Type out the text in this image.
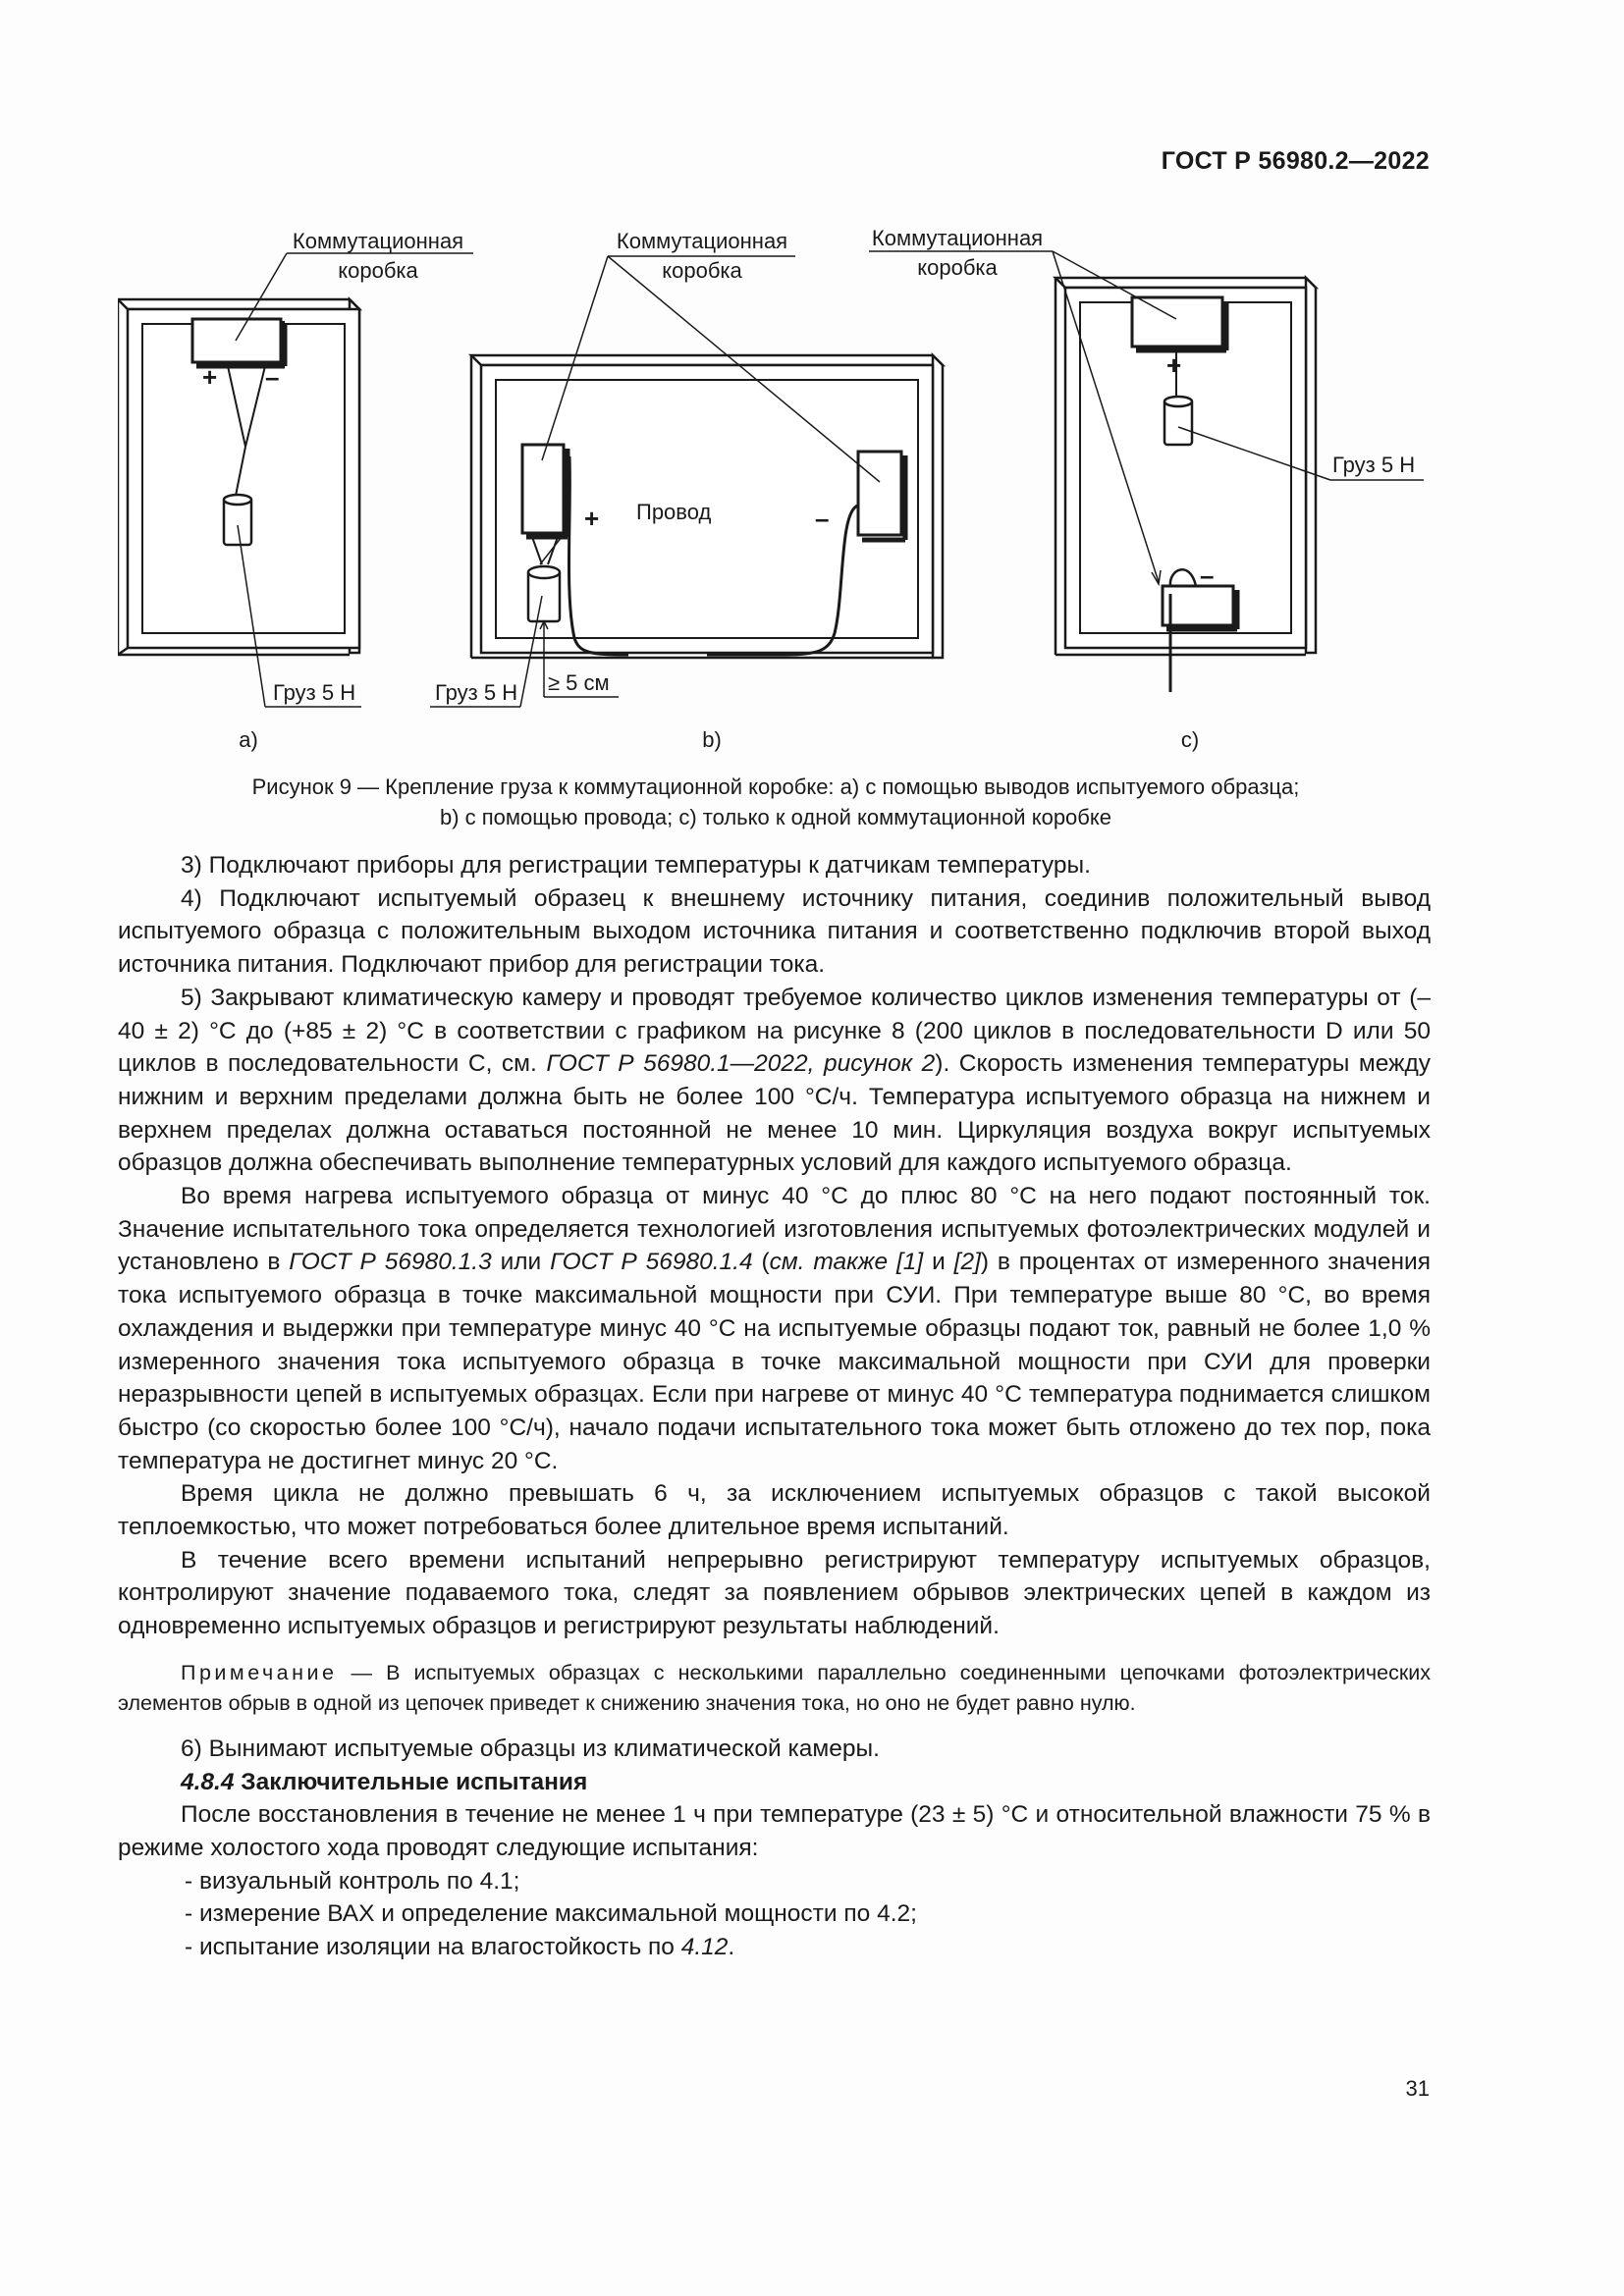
ГОСТ Р 56980.2—2022
Коммутационная
коробка
+ –
Груз 5 Н
a)
Коммутационная
коробка
+	–
Провод
Груз 5 Н ≥ 5 см
b)
Коммутационная
коробка
+
–
Груз 5 Н
c)
Рисунок 9 — Крепление груза к коммутационной коробке: a) с помощью выводов испытуемого образца;
b) с помощью провода; с) только к одной коммутационной коробке

3) Подключают приборы для регистрации температуры к датчикам температуры.

4) Подключают испытуемый образец к внешнему источнику питания, соединив положительный вывод испытуемого образца с положительным выходом источника питания и соответственно подключив второй выход источника питания. Подключают прибор для регистрации тока.

5) Закрывают климатическую камеру и проводят требуемое количество циклов изменения температуры от (–40 ± 2) °С до (+85 ± 2) °С в соответствии с графиком на рисунке 8 (200 циклов в последовательности D или 50 циклов в последовательности С, см. ГОСТ Р 56980.1—2022, рисунок 2). Скорость изменения температуры между нижним и верхним пределами должна быть не более 100 °С/ч. Температура испытуемого образца на нижнем и верхнем пределах должна оставаться постоянной не менее 10 мин. Циркуляция воздуха вокруг испытуемых образцов должна обеспечивать выполнение температурных условий для каждого испытуемого образца.

Во время нагрева испытуемого образца от минус 40 °С до плюс 80 °С на него подают постоянный ток. Значение испытательного тока определяется технологией изготовления испытуемых фотоэлектрических модулей и установлено в ГОСТ Р 56980.1.3 или ГОСТ Р 56980.1.4 (см. также [1] и [2]) в процентах от измеренного значения тока испытуемого образца в точке максимальной мощности при СУИ. При температуре выше 80 °С, во время охлаждения и выдержки при температуре минус 40 °С на испытуемые образцы подают ток, равный не более 1,0 % измеренного значения тока испытуемого образца в точке максимальной мощности при СУИ для проверки неразрывности цепей в испытуемых образцах. Если при нагреве от минус 40 °С температура поднимается слишком быстро (со скоростью более 100 °С/ч), начало подачи испытательного тока может быть отложено до тех пор, пока температура не достигнет минус 20 °С.

Время цикла не должно превышать 6 ч, за исключением испытуемых образцов с такой высокой теплоемкостью, что может потребоваться более длительное время испытаний.

В течение всего времени испытаний непрерывно регистрируют температуру испытуемых образцов, контролируют значение подаваемого тока, следят за появлением обрывов электрических цепей в каждом из одновременно испытуемых образцов и регистрируют результаты наблюдений.

Примечание — В испытуемых образцах с несколькими параллельно соединенными цепочками фотоэлектрических элементов обрыв в одной из цепочек приведет к снижению значения тока, но оно не будет равно нулю.

6) Вынимают испытуемые образцы из климатической камеры.

4.8.4 Заключительные испытания

После восстановления в течение не менее 1 ч при температуре (23 ± 5) °С и относительной влажности 75 % в режиме холостого хода проводят следующие испытания:

- визуальный контроль по 4.1;

- измерение ВАХ и определение максимальной мощности по 4.2;

- испытание изоляции на влагостойкость по 4.12.

31
